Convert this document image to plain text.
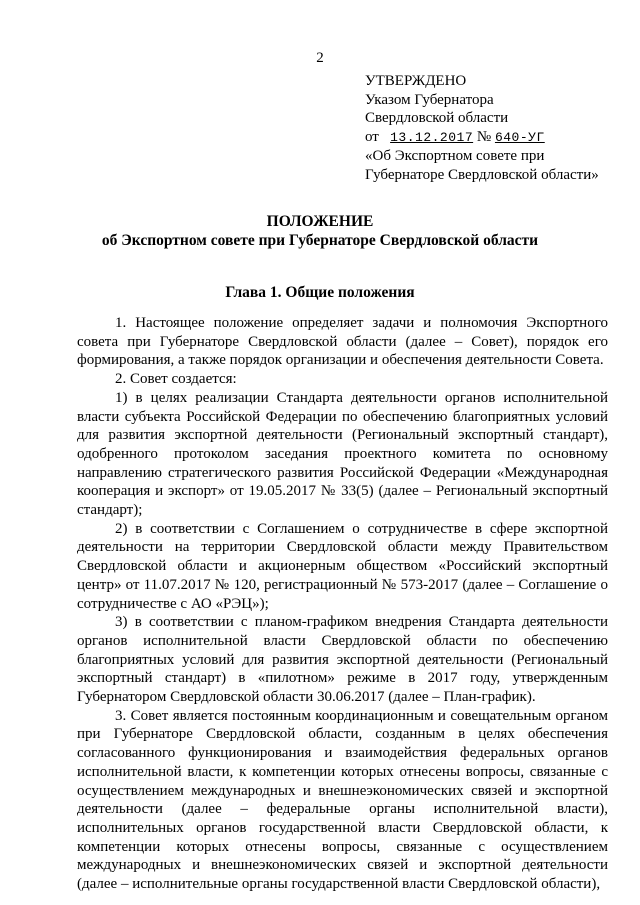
2
УТВЕРЖДЕНО
Указом Губернатора
Свердловской области
от 13.12.2017 № 640-УГ
«Об Экспортном совете при
Губернаторе Свердловской области»
ПОЛОЖЕНИЕ
об Экспортном совете при Губернаторе Свердловской области
Глава 1. Общие положения

1. Настоящее положение определяет задачи и полномочия Экспортного совета при Губернаторе Свердловской области (далее – Совет), порядок его формирования, а также порядок организации и обеспечения деятельности Совета.

2. Совет создается:

1) в целях реализации Стандарта деятельности органов исполнительной власти субъекта Российской Федерации по обеспечению благоприятных условий для развития экспортной деятельности (Региональный экспортный стандарт), одобренного протоколом заседания проектного комитета по основному направлению стратегического развития Российской Федерации «Международная кооперация и экспорт» от 19.05.2017 № 33(5) (далее – Региональный экспортный стандарт);

2) в соответствии с Соглашением о сотрудничестве в сфере экспортной деятельности на территории Свердловской области между Правительством Свердловской области и акционерным обществом «Российский экспортный центр» от 11.07.2017 № 120, регистрационный № 573-2017 (далее – Соглашение о сотрудничестве с АО «РЭЦ»);

3) в соответствии с планом-графиком внедрения Стандарта деятельности органов исполнительной власти Свердловской области по обеспечению благоприятных условий для развития экспортной деятельности (Региональный экспортный стандарт) в «пилотном» режиме в 2017 году, утвержденным Губернатором Свердловской области 30.06.2017 (далее – План-график).

3. Совет является постоянным координационным и совещательным органом при Губернаторе Свердловской области, созданным в целях обеспечения согласованного функционирования и взаимодействия федеральных органов исполнительной власти, к компетенции которых отнесены вопросы, связанные с осуществлением международных и внешнеэкономических связей и экспортной деятельности (далее – федеральные органы исполнительной власти), исполнительных органов государственной власти Свердловской области, к компетенции которых отнесены вопросы, связанные с осуществлением международных и внешнеэкономических связей и экспортной деятельности (далее – исполнительные органы государственной власти Свердловской области),
